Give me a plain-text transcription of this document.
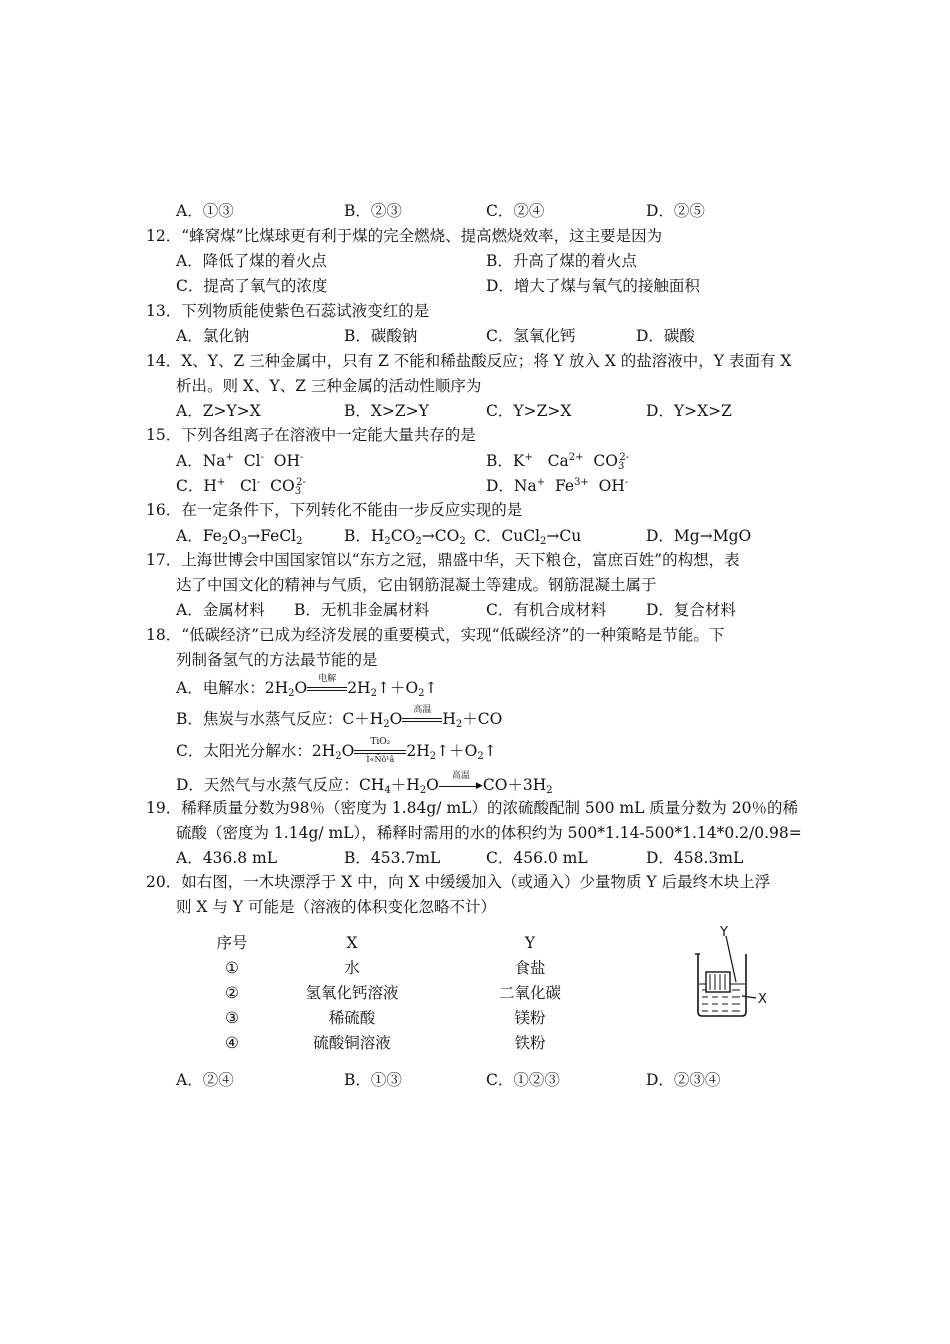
A．①③	B．②③	C．②④	D．②⑤
12．“蜂窝煤”比煤球更有利于煤的完全燃烧、提高燃烧效率，这主要是因为
A．降低了煤的着火点	B．升高了煤的着火点
C．提高了氧气的浓度	D．增大了煤与氧气的接触面积
13．下列物质能使紫色石蕊试液变红的是
A．氯化钠	B．碳酸钠	C．氢氧化钙	D．碳酸
14．X、Y、Z 三种金属中，只有 Z 不能和稀盐酸反应；将 Y 放入 X 的盐溶液中，Y 表面有 X
析出。则 X、Y、Z 三种金属的活动性顺序为
A．Z>Y>X	B．X>Z>Y	C．Y>Z>X	D．Y>X>Z
15．下列各组离子在溶液中一定能大量共存的是
A．Na+  Cl-  OH-	B．K+   $Ca^{2+}$  $CO_3^{2-}$
C．H+   Cl-  $CO_3^{2-}$	D．Na+  $Fe^{3+}$  OH-
16．在一定条件下，下列转化不能由一步反应实现的是
A．$Fe_2O_3\to FeCl_2$	B．$H_2CO_2\to CO_2$ C．CuCl$_2$→Cu	D．Mg→MgO
17．上海世博会中国国家馆以“东方之冠，鼎盛中华，天下粮仓，富庶百姓”的构想，表
达了中国文化的精神与气质，它由钢筋混凝土等建成。钢筋混凝土属于
A．金属材料 B．无机非金属材料	C．有机合成材料	D．复合材料
18．“低碳经济”已成为经济发展的重要模式，实现“低碳经济”的一种策略是节能。下
列制备氢气的方法最节能的是
A．电解水：$2H_2O$	电解 $2H_2↑+O_2↑$
B．焦炭与水蒸气反应：$C+H_2O$	高温 $H_2+CO$
C．太阳光分解水：$2H_2O$	TiO₂
Ì«Ñô¹â $2H_2↑+O_2↑$
D．天然气与水蒸气反应：$CH_4+H_2O$	高温
▶ $CO+3H_2$
19．稀释质量分数为98％（密度为 1.84g/ mL）的浓硫酸配制 500 mL 质量分数为 20％的稀
硫酸（密度为 1.14g/ mL），稀释时需用的水的体积约为 500*1.14-500*1.14*0.2/0.98=
A．436.8 mL	B．453.7mL	C．456.0 mL	D．458.3mL
20．如右图，一木块漂浮于 X 中，向 X 中缓缓加入（或通入）少量物质 Y 后最终木块上浮
则 X 与 Y 可能是（溶液的体积变化忽略不计）
序号	X	Y
①	水	食盐
②	氢氧化钙溶液	二氧化碳
③	稀硫酸	镁粉
④	硫酸铜溶液	铁粉
Y
X
A．②④	B．①③	C．①②③	D．②③④
